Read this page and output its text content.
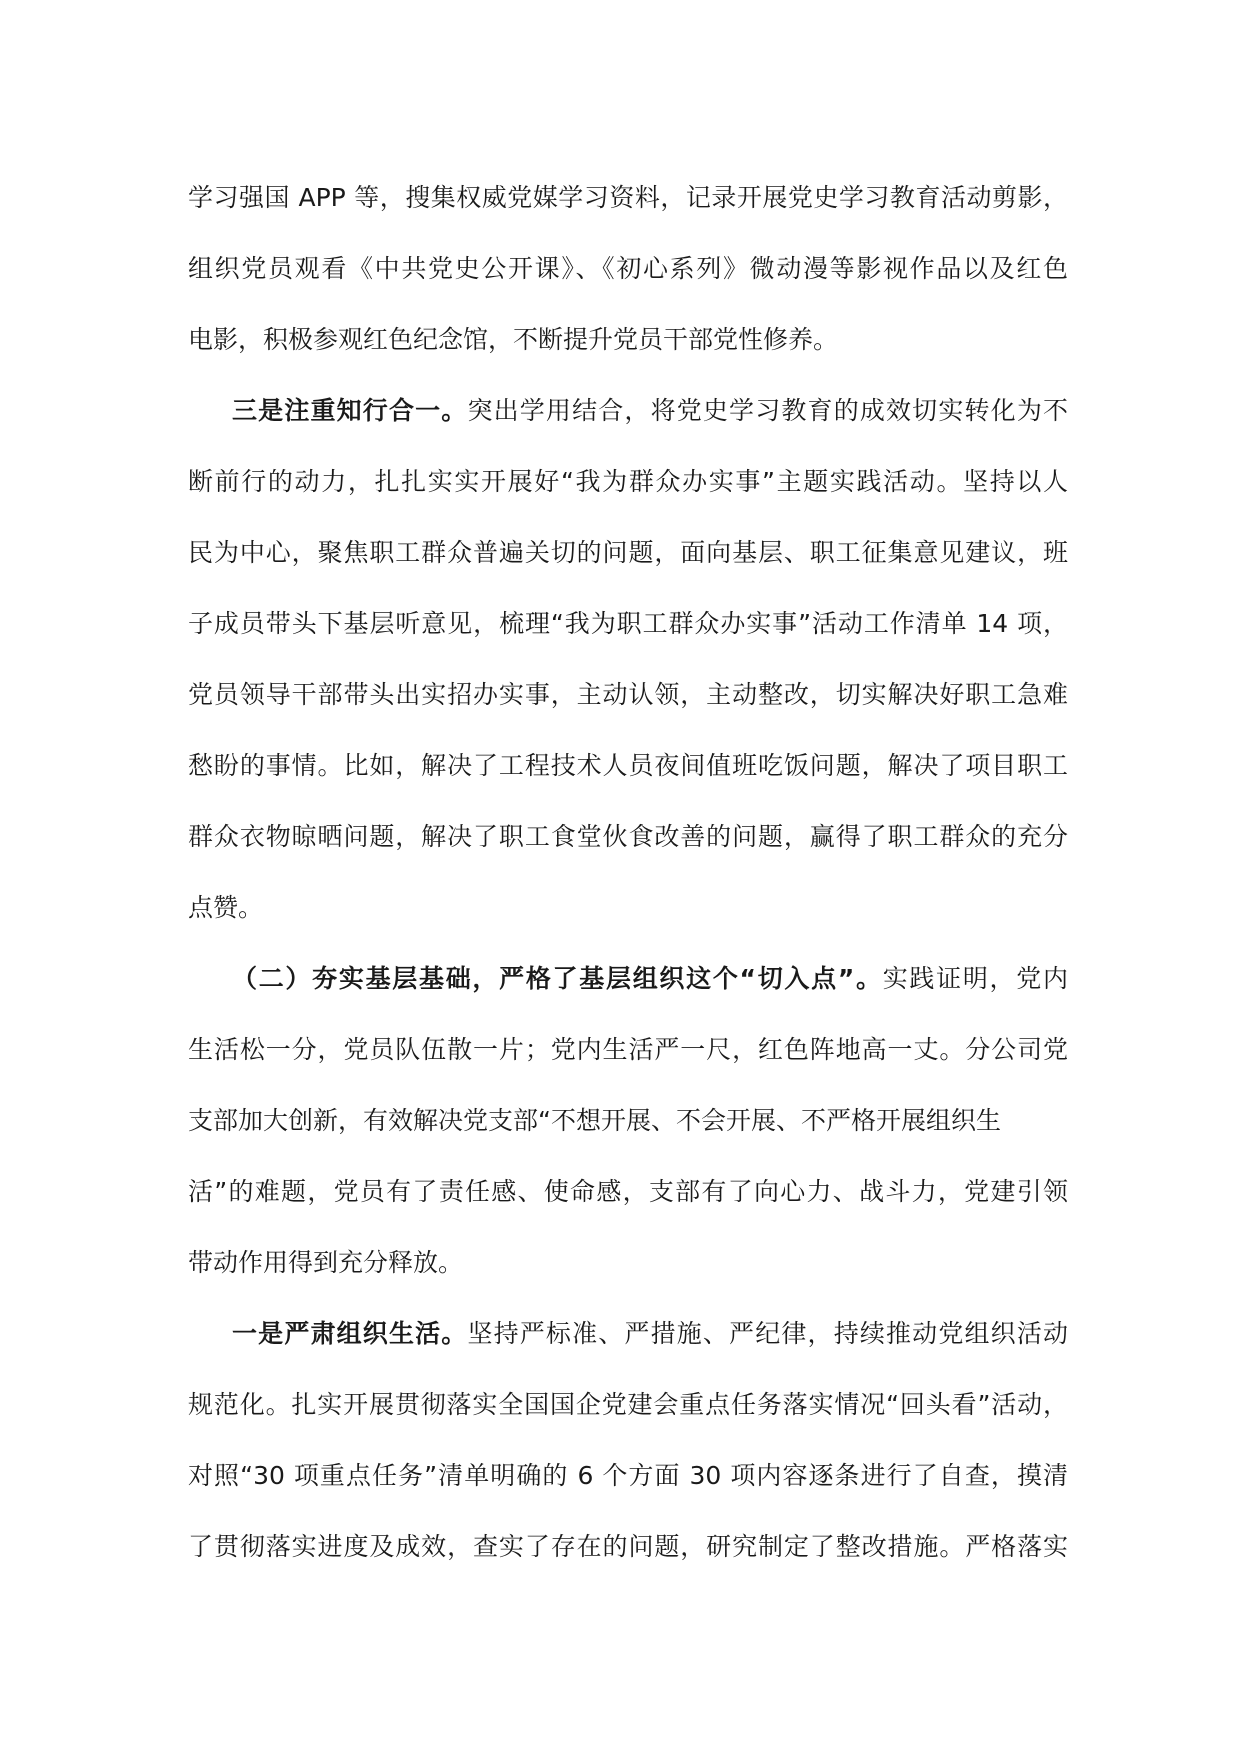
学习强国 APP 等，搜集权威党媒学习资料，记录开展党史学习教育活动剪影，
组织党员观看《中共党史公开课》、《初心系列》微动漫等影视作品以及红色
电影，积极参观红色纪念馆，不断提升党员干部党性修养。
三是注重知行合一。突出学用结合，将党史学习教育的成效切实转化为不
断前行的动力，扎扎实实开展好“我为群众办实事”主题实践活动。坚持以人
民为中心，聚焦职工群众普遍关切的问题，面向基层、职工征集意见建议，班
子成员带头下基层听意见，梳理“我为职工群众办实事”活动工作清单 14 项，
党员领导干部带头出实招办实事，主动认领，主动整改，切实解决好职工急难
愁盼的事情。比如，解决了工程技术人员夜间值班吃饭问题，解决了项目职工
群众衣物晾晒问题，解决了职工食堂伙食改善的问题，赢得了职工群众的充分
点赞。
（二）夯实基层基础，严格了基层组织这个“切入点”。实践证明，党内
生活松一分，党员队伍散一片；党内生活严一尺，红色阵地高一丈。分公司党
支部加大创新，有效解决党支部“不想开展、不会开展、不严格开展组织生
活”的难题，党员有了责任感、使命感，支部有了向心力、战斗力，党建引领
带动作用得到充分释放。
一是严肃组织生活。坚持严标准、严措施、严纪律，持续推动党组织活动
规范化。扎实开展贯彻落实全国国企党建会重点任务落实情况“回头看”活动，
对照“30 项重点任务”清单明确的 6 个方面 30 项内容逐条进行了自查，摸清
了贯彻落实进度及成效，查实了存在的问题，研究制定了整改措施。严格落实
